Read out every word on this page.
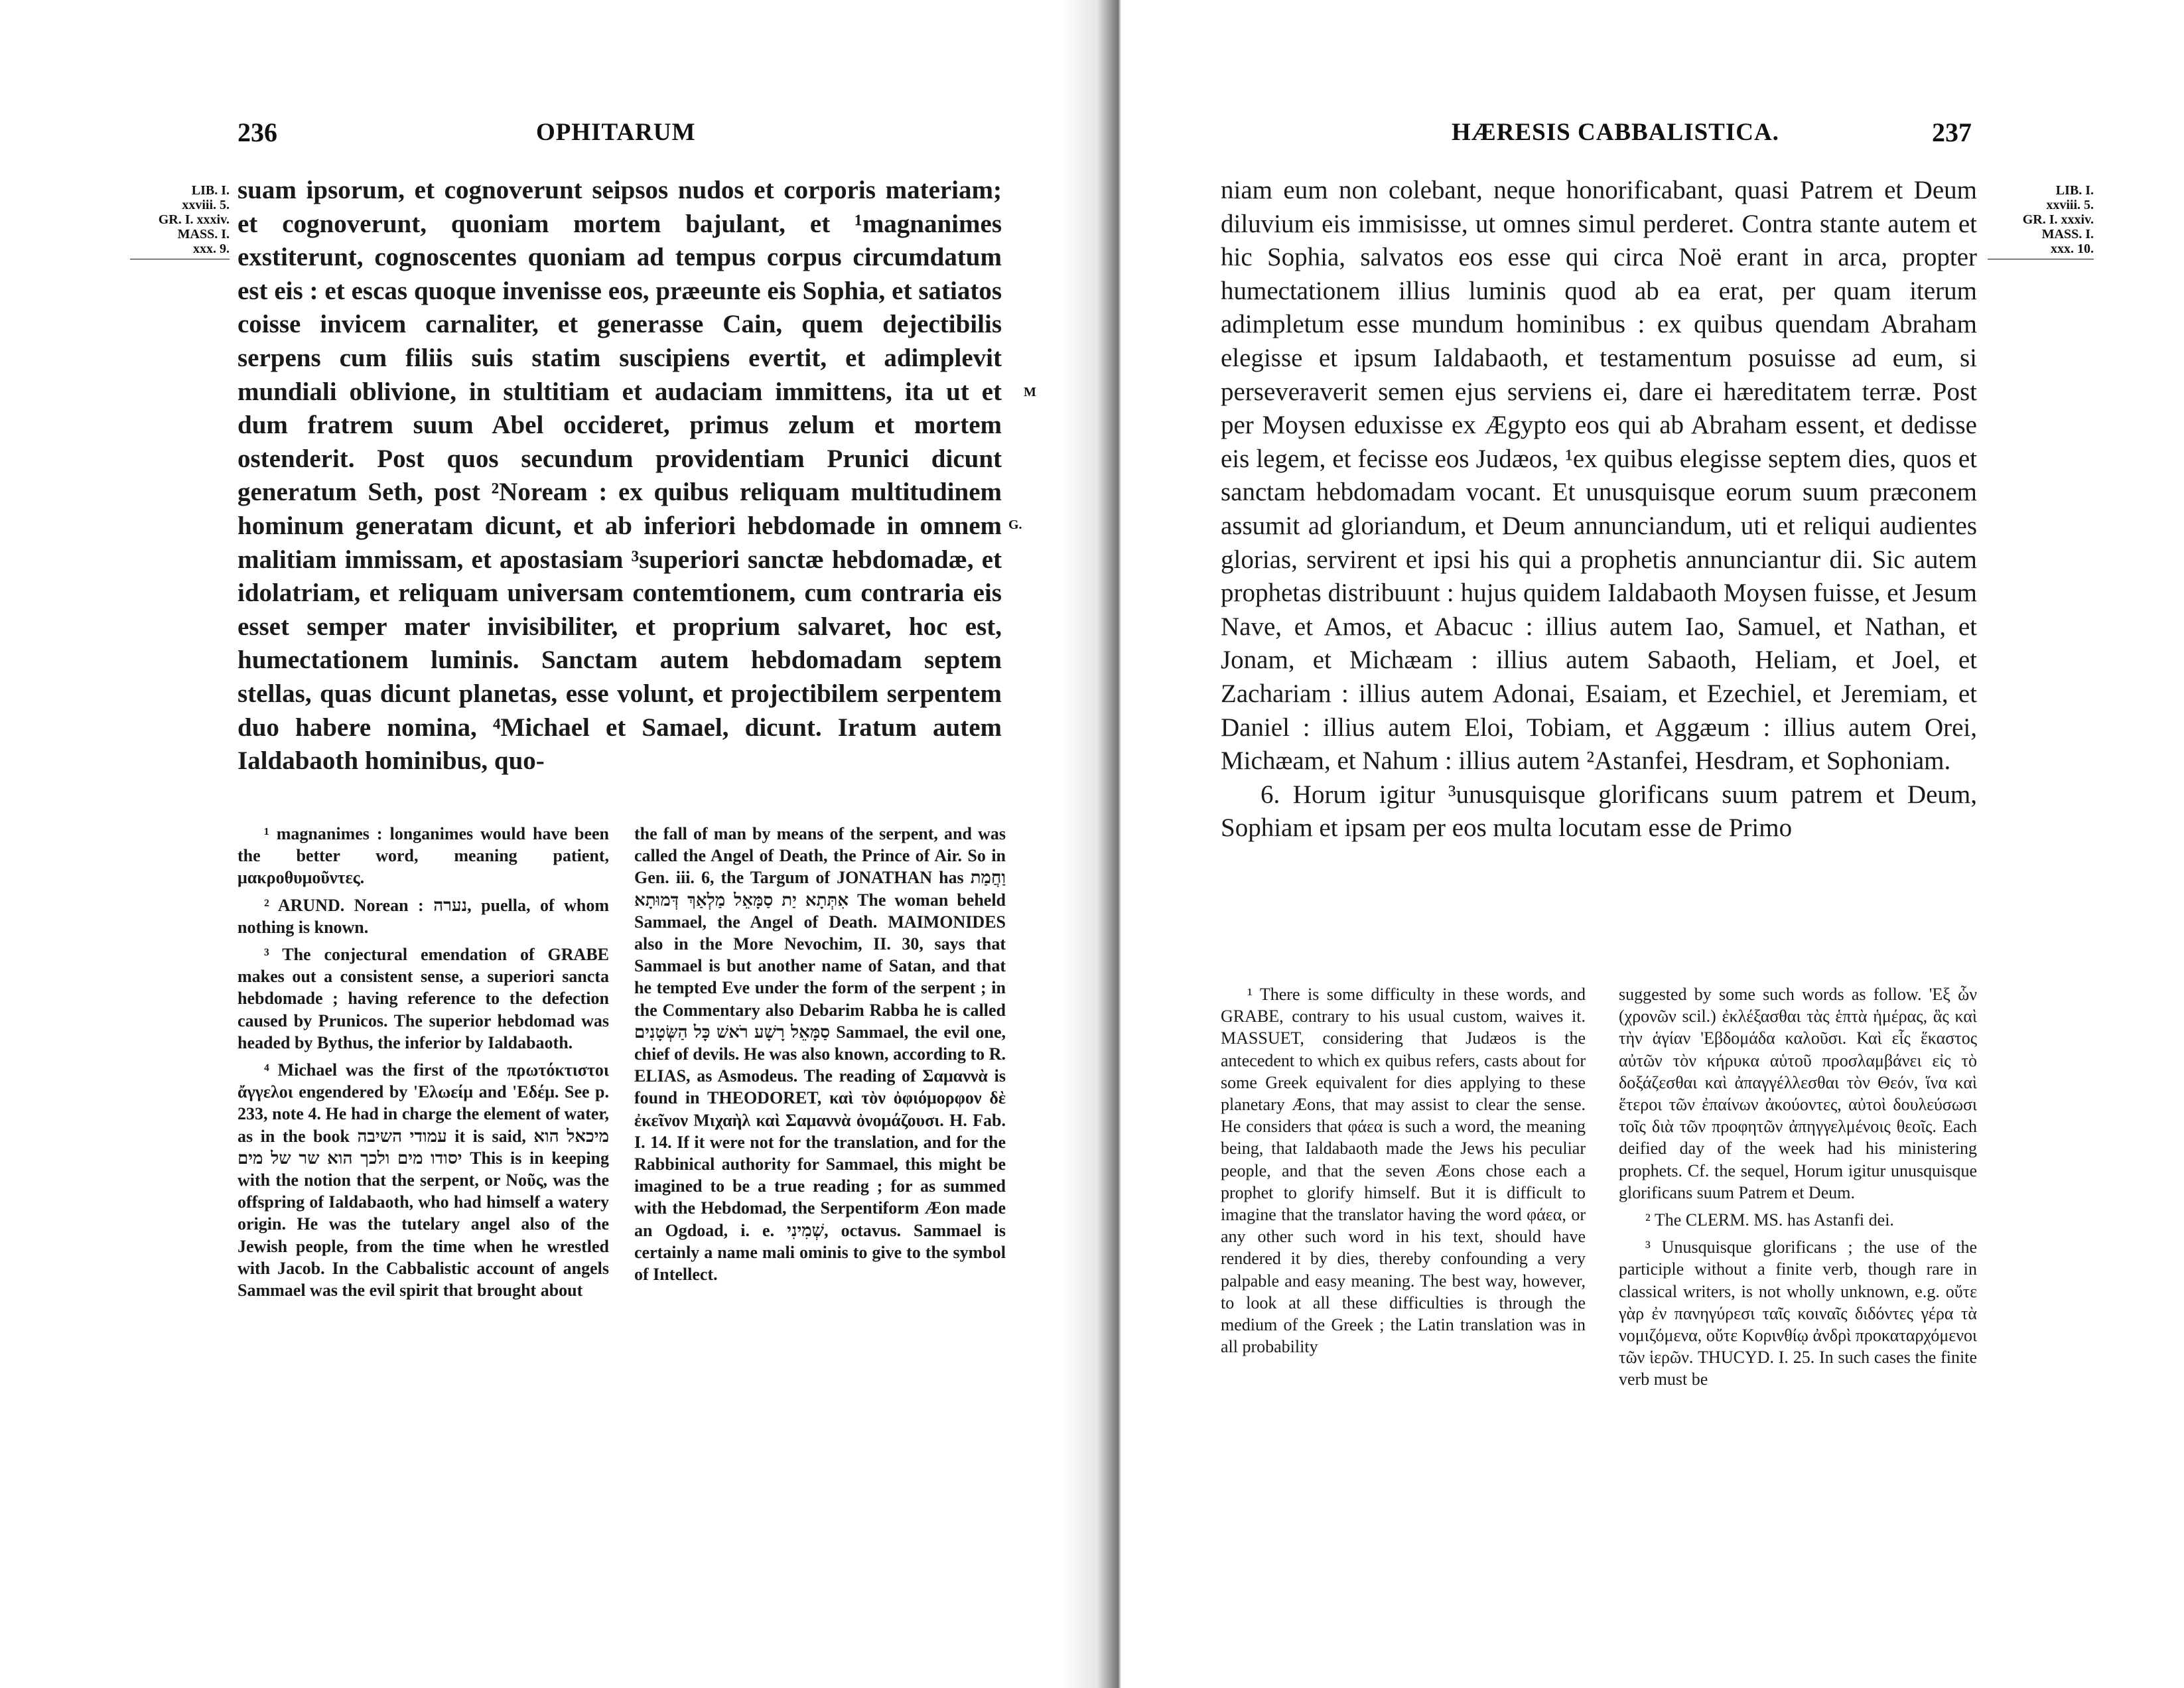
236	OPHITARUM
LIB. I.
xxviii. 5.
GR. I. xxxiv.
MASS. I.
xxx. 9.
M
G.

suam ipsorum, et cognoverunt seipsos nudos et corporis materiam; et cognoverunt, quoniam mortem bajulant, et ¹magnanimes exstiterunt, cognoscentes quoniam ad tempus corpus circumdatum est eis : et escas quoque invenisse eos, præeunte eis Sophia, et satiatos coisse invicem carnaliter, et generasse Cain, quem dejectibilis serpens cum filiis suis statim suscipiens evertit, et adimplevit mundiali oblivione, in stultitiam et audaciam immittens, ita ut et dum fratrem suum Abel occideret, primus zelum et mortem ostenderit. Post quos secundum providentiam Prunici dicunt generatum Seth, post ²Noream : ex quibus reliquam multitudinem hominum generatam dicunt, et ab inferiori hebdomade in omnem malitiam immissam, et apostasiam ³superiori sanctæ hebdomadæ, et idolatriam, et reliquam universam contemtionem, cum contraria eis esset semper mater invisibiliter, et proprium salvaret, hoc est, humectationem luminis. Sanctam autem hebdomadam septem stellas, quas dicunt planetas, esse volunt, et projectibilem serpentem duo habere nomina, ⁴Michael et Samael, dicunt. Iratum autem Ialdabaoth hominibus, quo-

¹ magnanimes : longanimes would have been the better word, meaning patient, μακροθυμοῦντες.

² ARUND. Norean : נערה, puella, of whom nothing is known.

³ The conjectural emendation of GRABE makes out a consistent sense, a superiori sancta hebdomade ; having reference to the defection caused by Prunicos. The superior hebdomad was headed by Bythus, the inferior by Ialdabaoth.

⁴ Michael was the first of the πρωτόκτιστοι ἄγγελοι engendered by 'Ελωείμ and 'Εδέμ. See p. 233, note 4. He had in charge the element of water, as in the book עמודי השיבה it is said, מיכאל הוא יסודו מים ולכך הוא שר של מים This is in keeping with the notion that the serpent, or Νοῦς, was the offspring of Ialdabaoth, who had himself a watery origin. He was the tutelary angel also of the Jewish people, from the time when he wrestled with Jacob. In the Cabbalistic account of angels Sammael was the evil spirit that brought about

the fall of man by means of the serpent, and was called the Angel of Death, the Prince of Air. So in Gen. iii. 6, the Targum of JONATHAN has וַחֲמַת אִתְּתָא יַת סַמָּאֵל מַלְאַךְ דְּמוּתָא The woman beheld Sammael, the Angel of Death. MAIMONIDES also in the More Nevochim, II. 30, says that Sammael is but another name of Satan, and that he tempted Eve under the form of the serpent ; in the Commentary also Debarim Rabba he is called סַמָּאֵל רָשָׁע רֹאשׁ כָּל הַשְּׂטָנִים Sammael, the evil one, chief of devils. He was also known, according to R. ELIAS, as Asmodeus. The reading of Σαμαννὰ is found in THEODORET, καὶ τὸν ὀφιόμορφον δὲ ἐκεῖνον Μιχαὴλ καὶ Σαμαννὰ ὀνομάζουσι. H. Fab. I. 14. If it were not for the translation, and for the Rabbinical authority for Sammael, this might be imagined to be a true reading ; for as summed with the Hebdomad, the Serpentiform Æon made an Ogdoad, i. e. שְׁמִינִי, octavus. Sammael is certainly a name mali ominis to give to the symbol of Intellect.

HÆRESIS CABBALISTICA.	237
LIB. I.
xxviii. 5.
GR. I. xxxiv.
MASS. I.
xxx. 10.

niam eum non colebant, neque honorificabant, quasi Patrem et Deum diluvium eis immisisse, ut omnes simul perderet. Contra stante autem et hic Sophia, salvatos eos esse qui circa Noë erant in arca, propter humectationem illius luminis quod ab ea erat, per quam iterum adimpletum esse mundum hominibus : ex quibus quendam Abraham elegisse et ipsum Ialdabaoth, et testamentum posuisse ad eum, si perseveraverit semen ejus serviens ei, dare ei hæreditatem terræ. Post per Moysen eduxisse ex Ægypto eos qui ab Abraham essent, et dedisse eis legem, et fecisse eos Judæos, ¹ex quibus elegisse septem dies, quos et sanctam hebdomadam vocant. Et unusquisque eorum suum præconem assumit ad gloriandum, et Deum annunciandum, uti et reliqui audientes glorias, servirent et ipsi his qui a prophetis annunciantur dii. Sic autem prophetas distribuunt : hujus quidem Ialdabaoth Moysen fuisse, et Jesum Nave, et Amos, et Abacuc : illius autem Iao, Samuel, et Nathan, et Jonam, et Michæam : illius autem Sabaoth, Heliam, et Joel, et Zachariam : illius autem Adonai, Esaiam, et Ezechiel, et Jeremiam, et Daniel : illius autem Eloi, Tobiam, et Aggæum : illius autem Orei, Michæam, et Nahum : illius autem ²Astanfei, Hesdram, et Sophoniam.

6. Horum igitur ³unusquisque glorificans suum patrem et Deum, Sophiam et ipsam per eos multa locutam esse de Primo

¹ There is some difficulty in these words, and GRABE, contrary to his usual custom, waives it. MASSUET, considering that Judæos is the antecedent to which ex quibus refers, casts about for some Greek equivalent for dies applying to these planetary Æons, that may assist to clear the sense. He considers that φάεα is such a word, the meaning being, that Ialdabaoth made the Jews his peculiar people, and that the seven Æons chose each a prophet to glorify himself. But it is difficult to imagine that the translator having the word φάεα, or any other such word in his text, should have rendered it by dies, thereby confounding a very palpable and easy meaning. The best way, however, to look at all these difficulties is through the medium of the Greek ; the Latin translation was in all probability

suggested by some such words as follow. 'Εξ ὧν (χρονῶν scil.) ἐκλέξασθαι τὰς ἑπτὰ ἡμέρας, ἃς καὶ τὴν ἁγίαν 'Εβδομάδα καλοῦσι. Καὶ εἷς ἕκαστος αὐτῶν τὸν κήρυκα αὑτοῦ προσλαμβάνει εἰς τὸ δοξάζεσθαι καὶ ἀπαγγέλλεσθαι τὸν Θεόν, ἵνα καὶ ἕτεροι τῶν ἐπαίνων ἀκούοντες, αὐτοὶ δουλεύσωσι τοῖς διὰ τῶν προφητῶν ἀπηγγελμένοις θεοῖς. Each deified day of the week had his ministering prophets. Cf. the sequel, Horum igitur unusquisque glorificans suum Patrem et Deum.

² The CLERM. MS. has Astanfi dei.

³ Unusquisque glorificans ; the use of the participle without a finite verb, though rare in classical writers, is not wholly unknown, e.g. οὔτε γὰρ ἐν πανηγύρεσι ταῖς κοιναῖς διδόντες γέρα τὰ νομιζόμενα, οὔτε Κορινθίῳ ἀνδρὶ προκαταρχόμενοι τῶν ἱερῶν. THUCYD. I. 25. In such cases the finite verb must be
